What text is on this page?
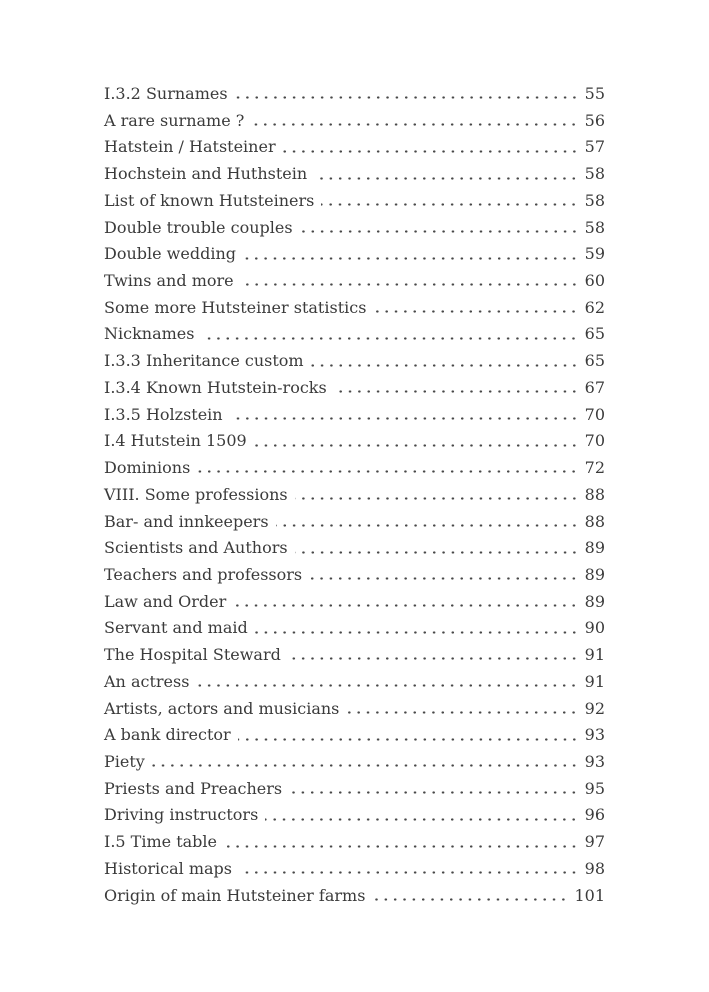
I.3.2 Surnames	55
A rare surname ?	56
Hatstein / Hatsteiner	57
Hochstein and Huthstein	58
List of known Hutsteiners	58
Double trouble couples	58
Double wedding	59
Twins and more	60
Some more Hutsteiner statistics	62
Nicknames	65
I.3.3 Inheritance custom	65
I.3.4 Known Hutstein-rocks	67
I.3.5 Holzstein	70
I.4 Hutstein 1509	70
Dominions	72
VIII. Some professions	88
Bar- and innkeepers	88
Scientists and Authors	89
Teachers and professors	89
Law and Order	89
Servant and maid	90
The Hospital Steward	91
An actress	91
Artists, actors and musicians	92
A bank director	93
Piety	93
Priests and Preachers	95
Driving instructors	96
I.5 Time table	97
Historical maps	98
Origin of main Hutsteiner farms	101
